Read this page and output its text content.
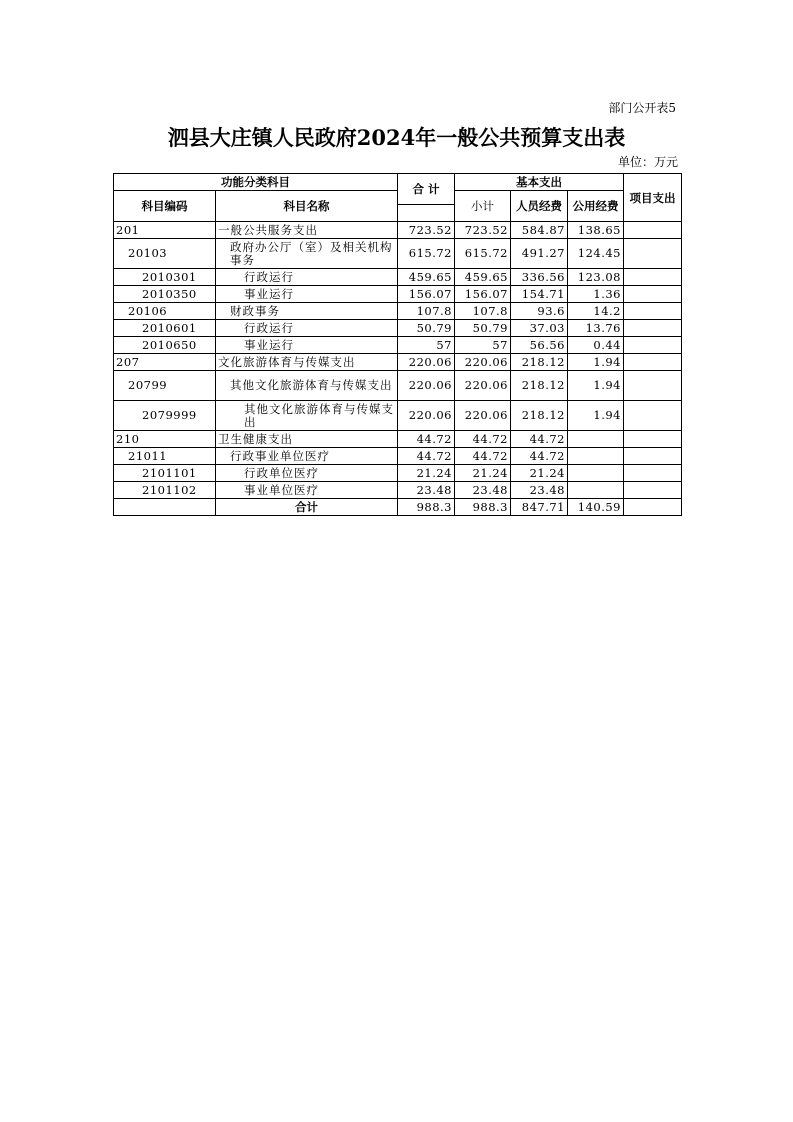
部门公开表5
泗县大庄镇人民政府2024年一般公共预算支出表
单位：万元
功能分类科目		合 计	基本支出			项目支出
科目编码	科目名称		小计	人员经费	公用经费	

201	一般公共服务支出	723.52	723.52	584.87	138.65	
20103	政府办公厅（室）及相关机构事务	615.72	615.72	491.27	124.45	
2010301	行政运行	459.65	459.65	336.56	123.08	
2010350	事业运行	156.07	156.07	154.71	1.36	
20106	财政事务	107.8	107.8	93.6	14.2	
2010601	行政运行	50.79	50.79	37.03	13.76	
2010650	事业运行	57	57	56.56	0.44	
207	文化旅游体育与传媒支出	220.06	220.06	218.12	1.94	
20799	其他文化旅游体育与传媒支出	220.06	220.06	218.12	1.94	
2079999	其他文化旅游体育与传媒支出	220.06	220.06	218.12	1.94	
210	卫生健康支出	44.72	44.72	44.72		
21011	行政事业单位医疗	44.72	44.72	44.72		
2101101	行政单位医疗	21.24	21.24	21.24		
2101102	事业单位医疗	23.48	23.48	23.48		
	合计	988.3	988.3	847.71	140.59	
